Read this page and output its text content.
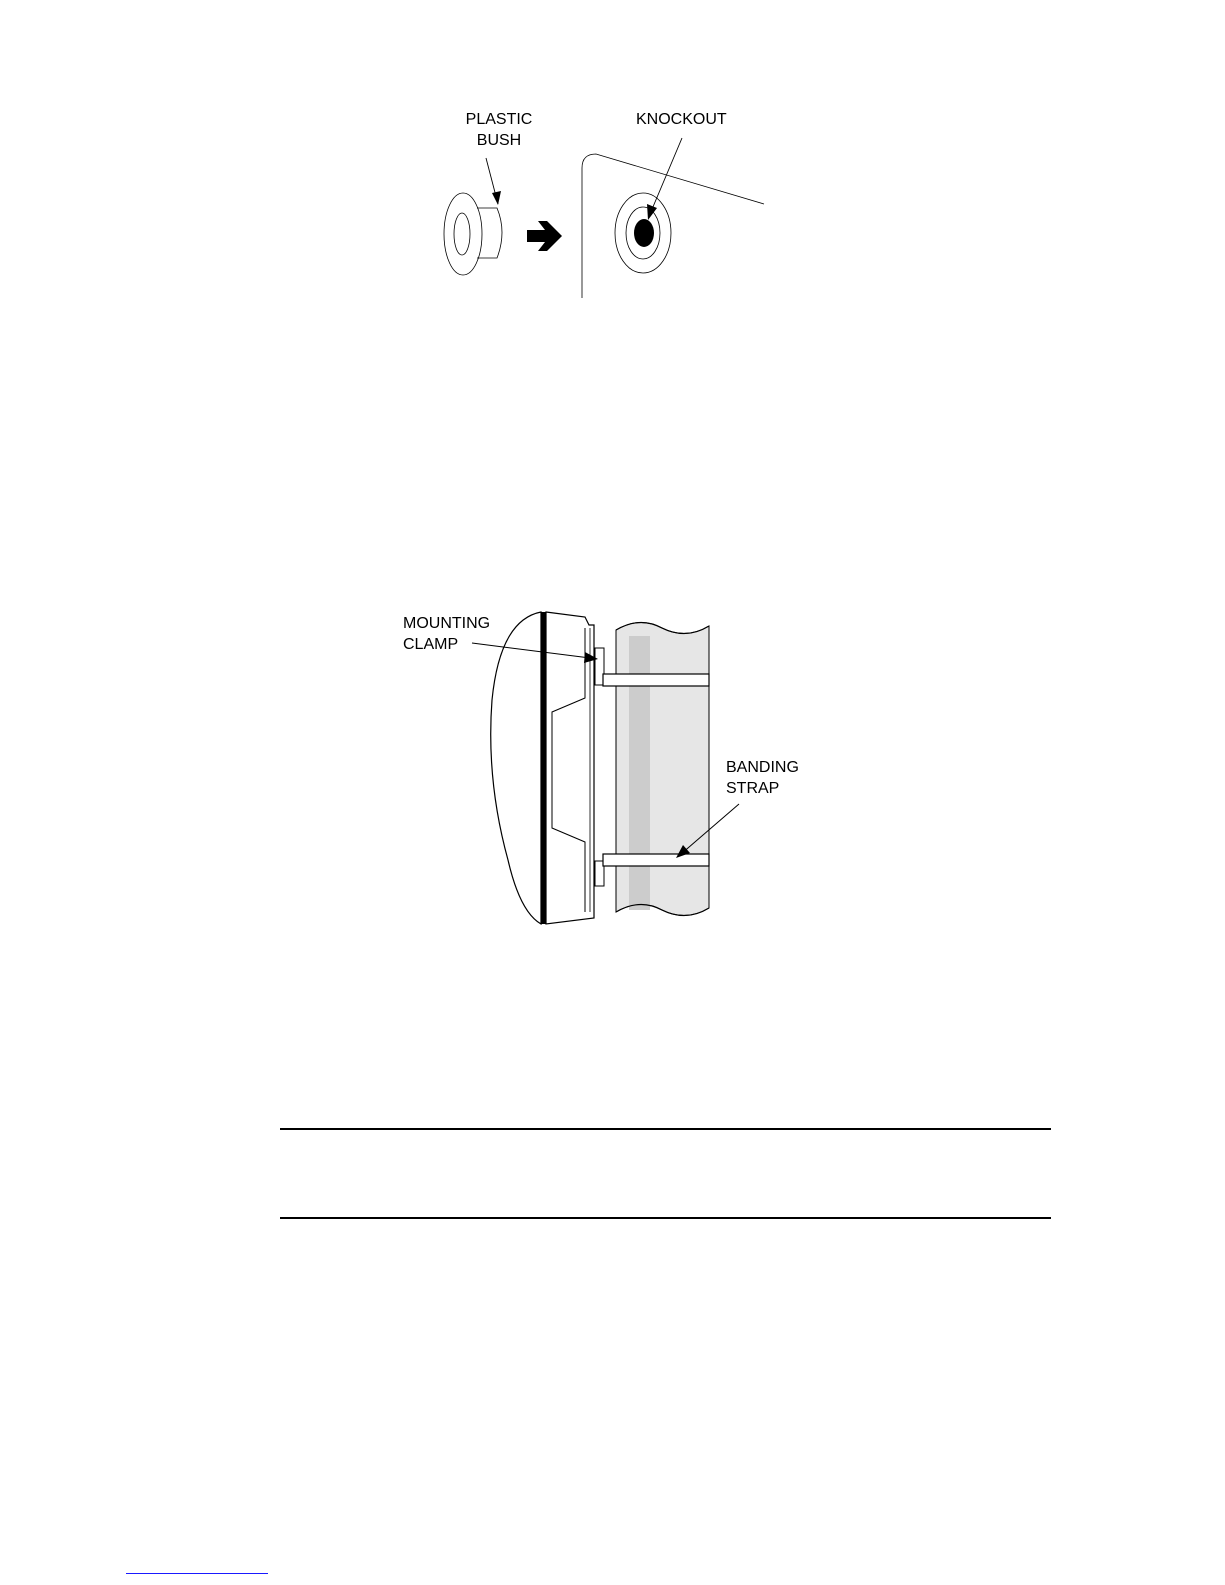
PLASTIC
BUSH
KNOCKOUT
MOUNTING
CLAMP
BANDING
STRAP
